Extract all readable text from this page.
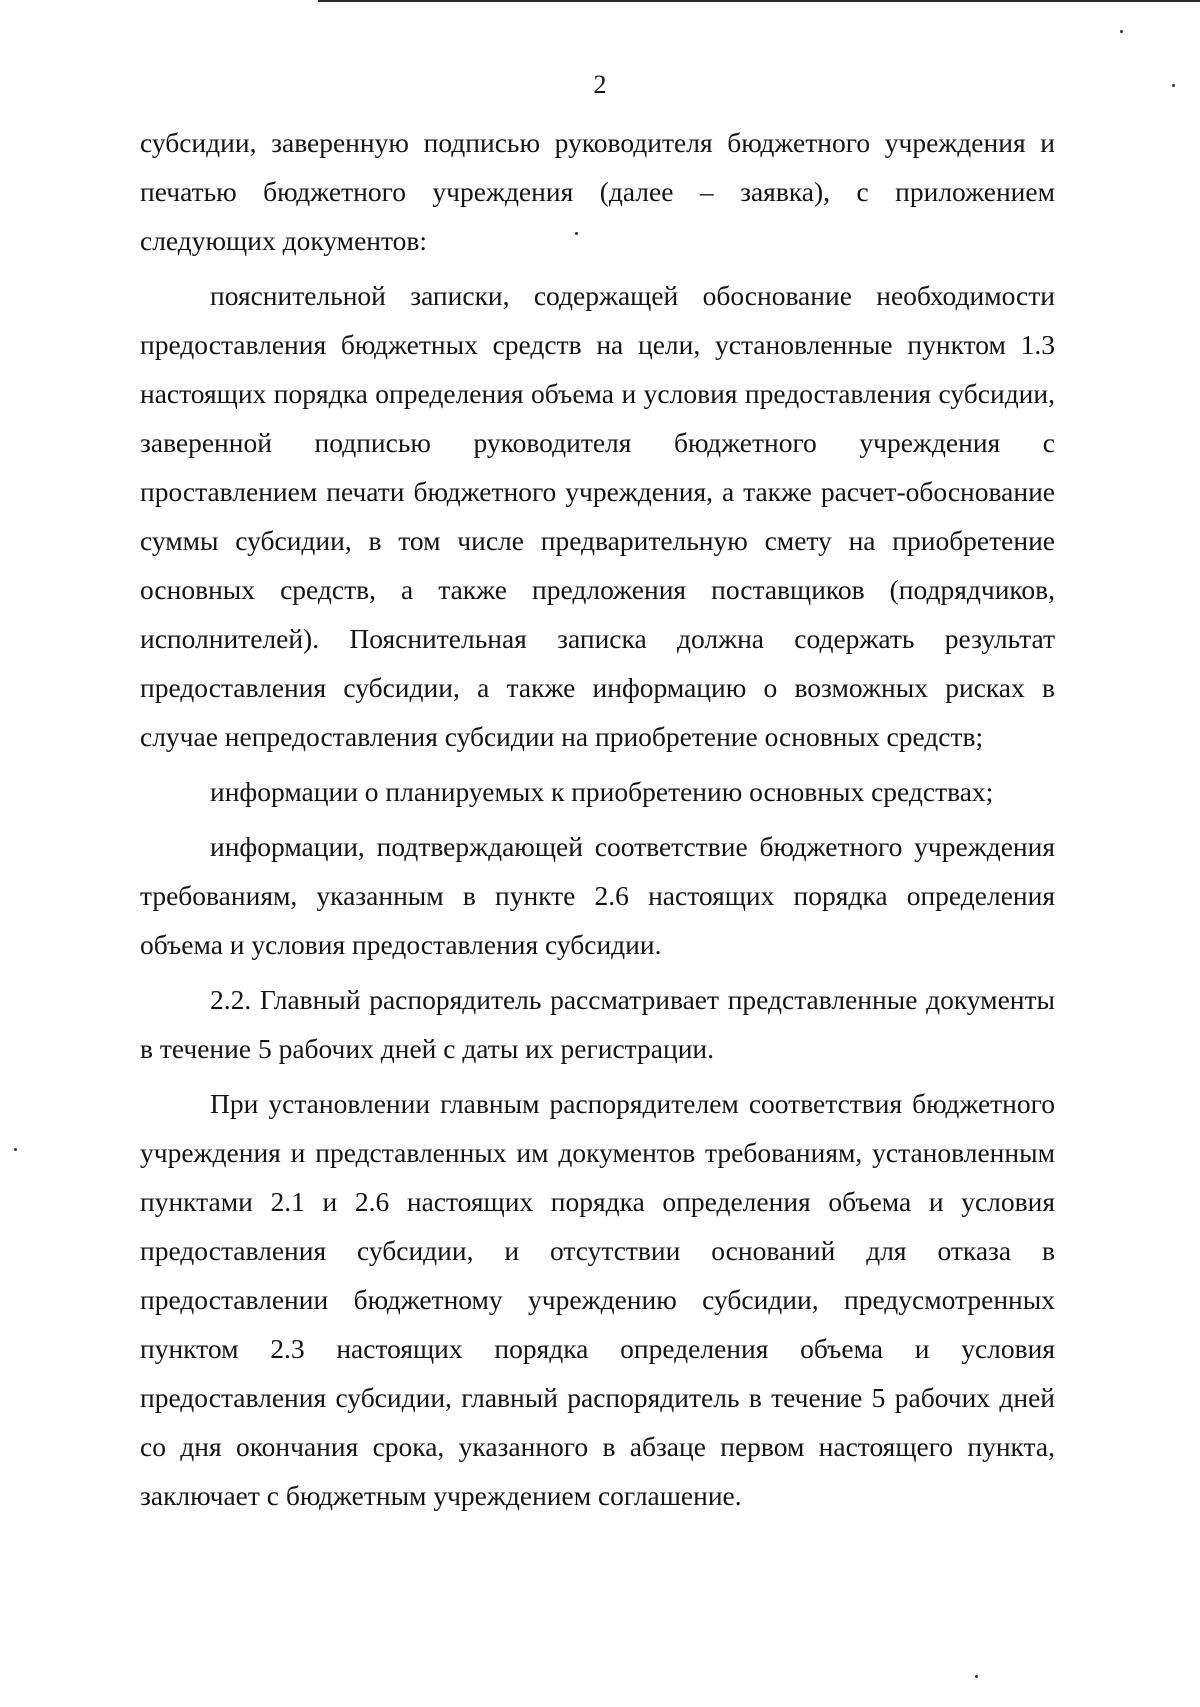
2

субсидии, заверенную подписью руководителя бюджетного учреждения и печатью бюджетного учреждения (далее – заявка), с приложением следующих документов:

пояснительной записки, содержащей обоснование необходимости предоставления бюджетных средств на цели, установленные пунктом 1.3 настоящих порядка определения объема и условия предоставления субсидии, заверенной подписью руководителя бюджетного учреждения с проставлением печати бюджетного учреждения, а также расчет-обоснование суммы субсидии, в том числе предварительную смету на приобретение основных средств, а также предложения поставщиков (подрядчиков, исполнителей). Пояснительная записка должна содержать результат предоставления субсидии, а также информацию о возможных рисках в случае непредоставления субсидии на приобретение основных средств;

информации о планируемых к приобретению основных средствах;

информации, подтверждающей соответствие бюджетного учреждения требованиям, указанным в пункте 2.6 настоящих порядка определения объема и условия предоставления субсидии.

2.2. Главный распорядитель рассматривает представленные документы в течение 5 рабочих дней с даты их регистрации.

При установлении главным распорядителем соответствия бюджетного учреждения и представленных им документов требованиям, установленным пунктами 2.1 и 2.6 настоящих порядка определения объема и условия предоставления субсидии, и отсутствии оснований для отказа в предоставлении бюджетному учреждению субсидии, предусмотренных пунктом 2.3 настоящих порядка определения объема и условия предоставления субсидии, главный распорядитель в течение 5 рабочих дней со дня окончания срока, указанного в абзаце первом настоящего пункта, заключает с бюджетным учреждением соглашение.
